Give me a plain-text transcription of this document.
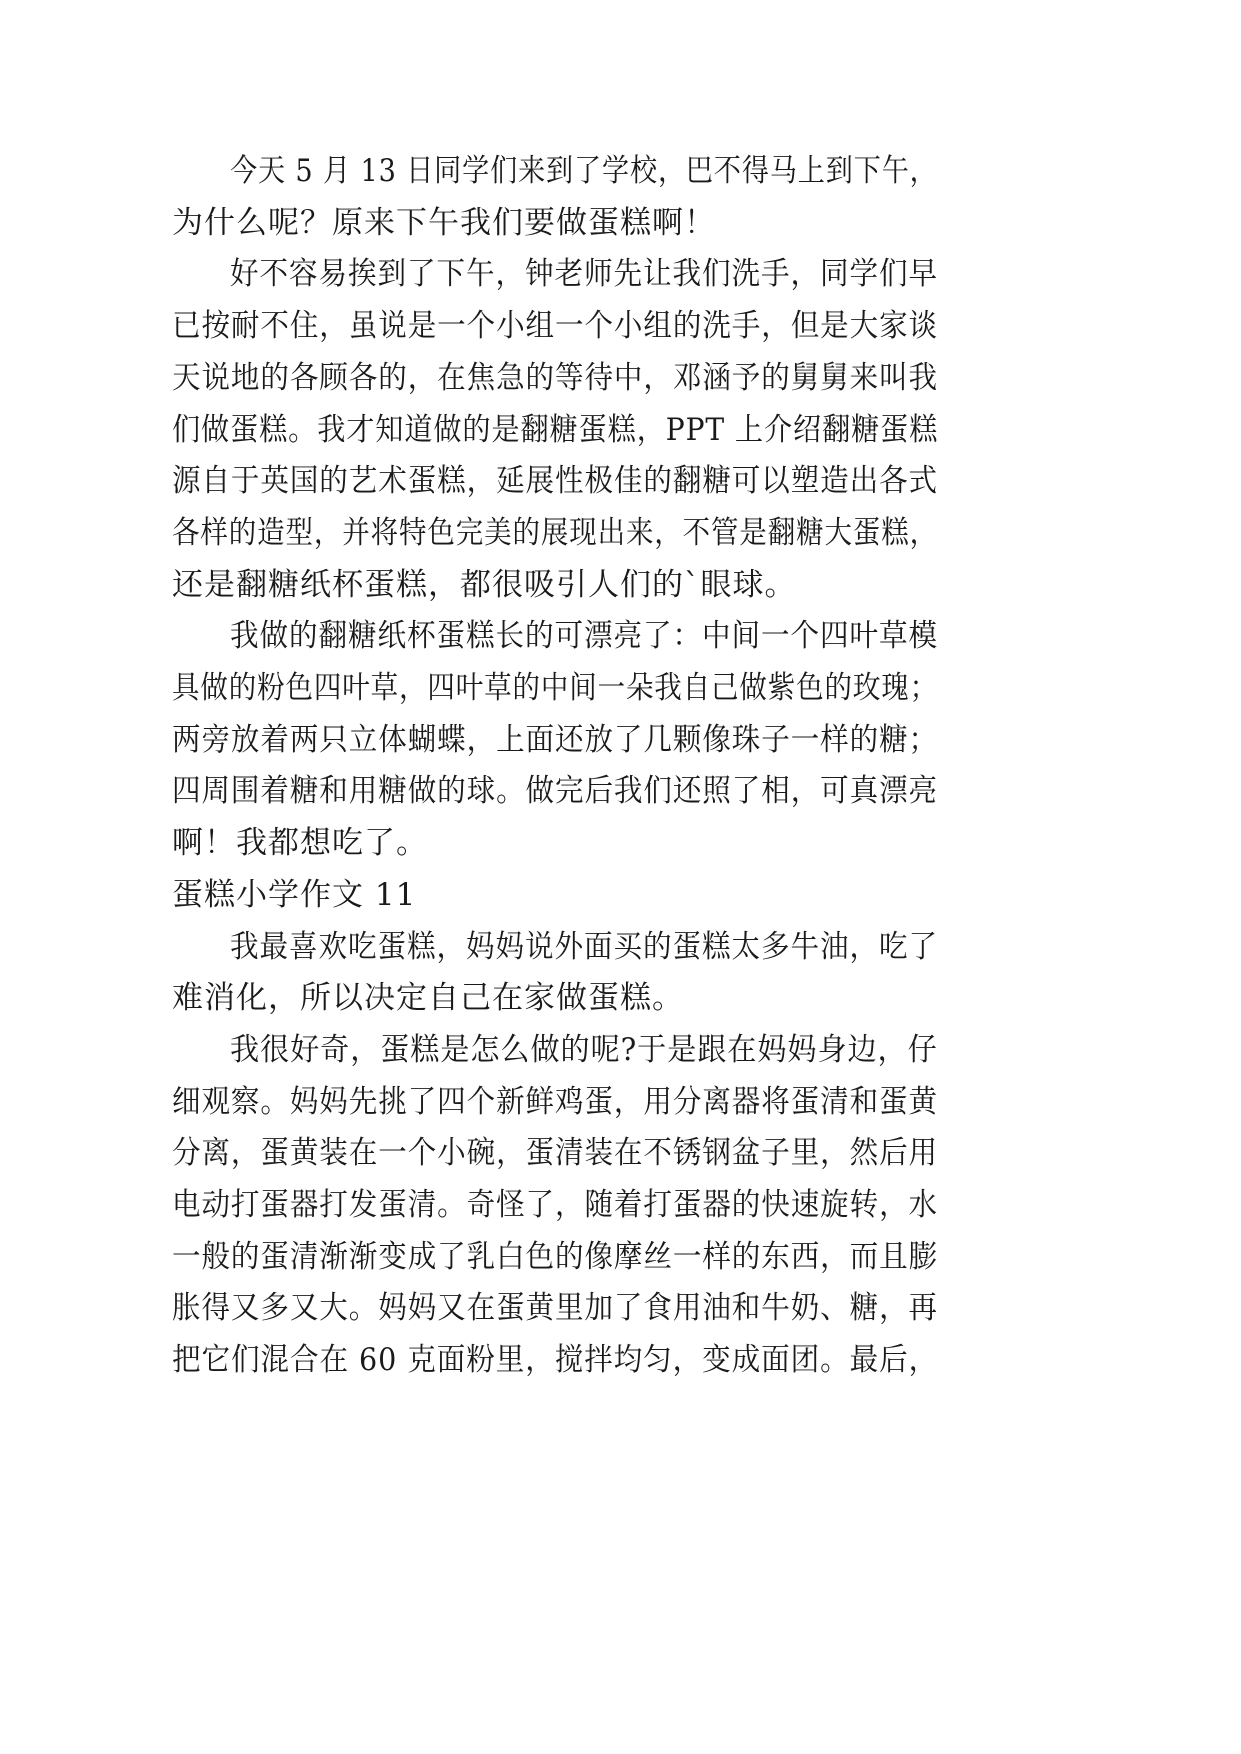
今天 5 月 13 日同学们来到了学校，巴不得马上到下午，
为什么呢？原来下午我们要做蛋糕啊！
好不容易挨到了下午，钟老师先让我们洗手，同学们早
已按耐不住，虽说是一个小组一个小组的洗手，但是大家谈
天说地的各顾各的，在焦急的等待中，邓涵予的舅舅来叫我
们做蛋糕。我才知道做的是翻糖蛋糕，PPT 上介绍翻糖蛋糕
源自于英国的艺术蛋糕，延展性极佳的翻糖可以塑造出各式
各样的造型，并将特色完美的展现出来，不管是翻糖大蛋糕，
还是翻糖纸杯蛋糕，都很吸引人们的`眼球。
我做的翻糖纸杯蛋糕长的可漂亮了：中间一个四叶草模
具做的粉色四叶草，四叶草的中间一朵我自己做紫色的玫瑰；
两旁放着两只立体蝴蝶，上面还放了几颗像珠子一样的糖；
四周围着糖和用糖做的球。做完后我们还照了相，可真漂亮
啊！我都想吃了。
蛋糕小学作文 11
我最喜欢吃蛋糕，妈妈说外面买的蛋糕太多牛油，吃了
难消化，所以决定自己在家做蛋糕。
我很好奇，蛋糕是怎么做的呢?于是跟在妈妈身边，仔
细观察。妈妈先挑了四个新鲜鸡蛋，用分离器将蛋清和蛋黄
分离，蛋黄装在一个小碗，蛋清装在不锈钢盆子里，然后用
电动打蛋器打发蛋清。奇怪了，随着打蛋器的快速旋转，水
一般的蛋清渐渐变成了乳白色的像摩丝一样的东西，而且膨
胀得又多又大。妈妈又在蛋黄里加了食用油和牛奶、糖，再
把它们混合在 60 克面粉里，搅拌均匀，变成面团。最后，
